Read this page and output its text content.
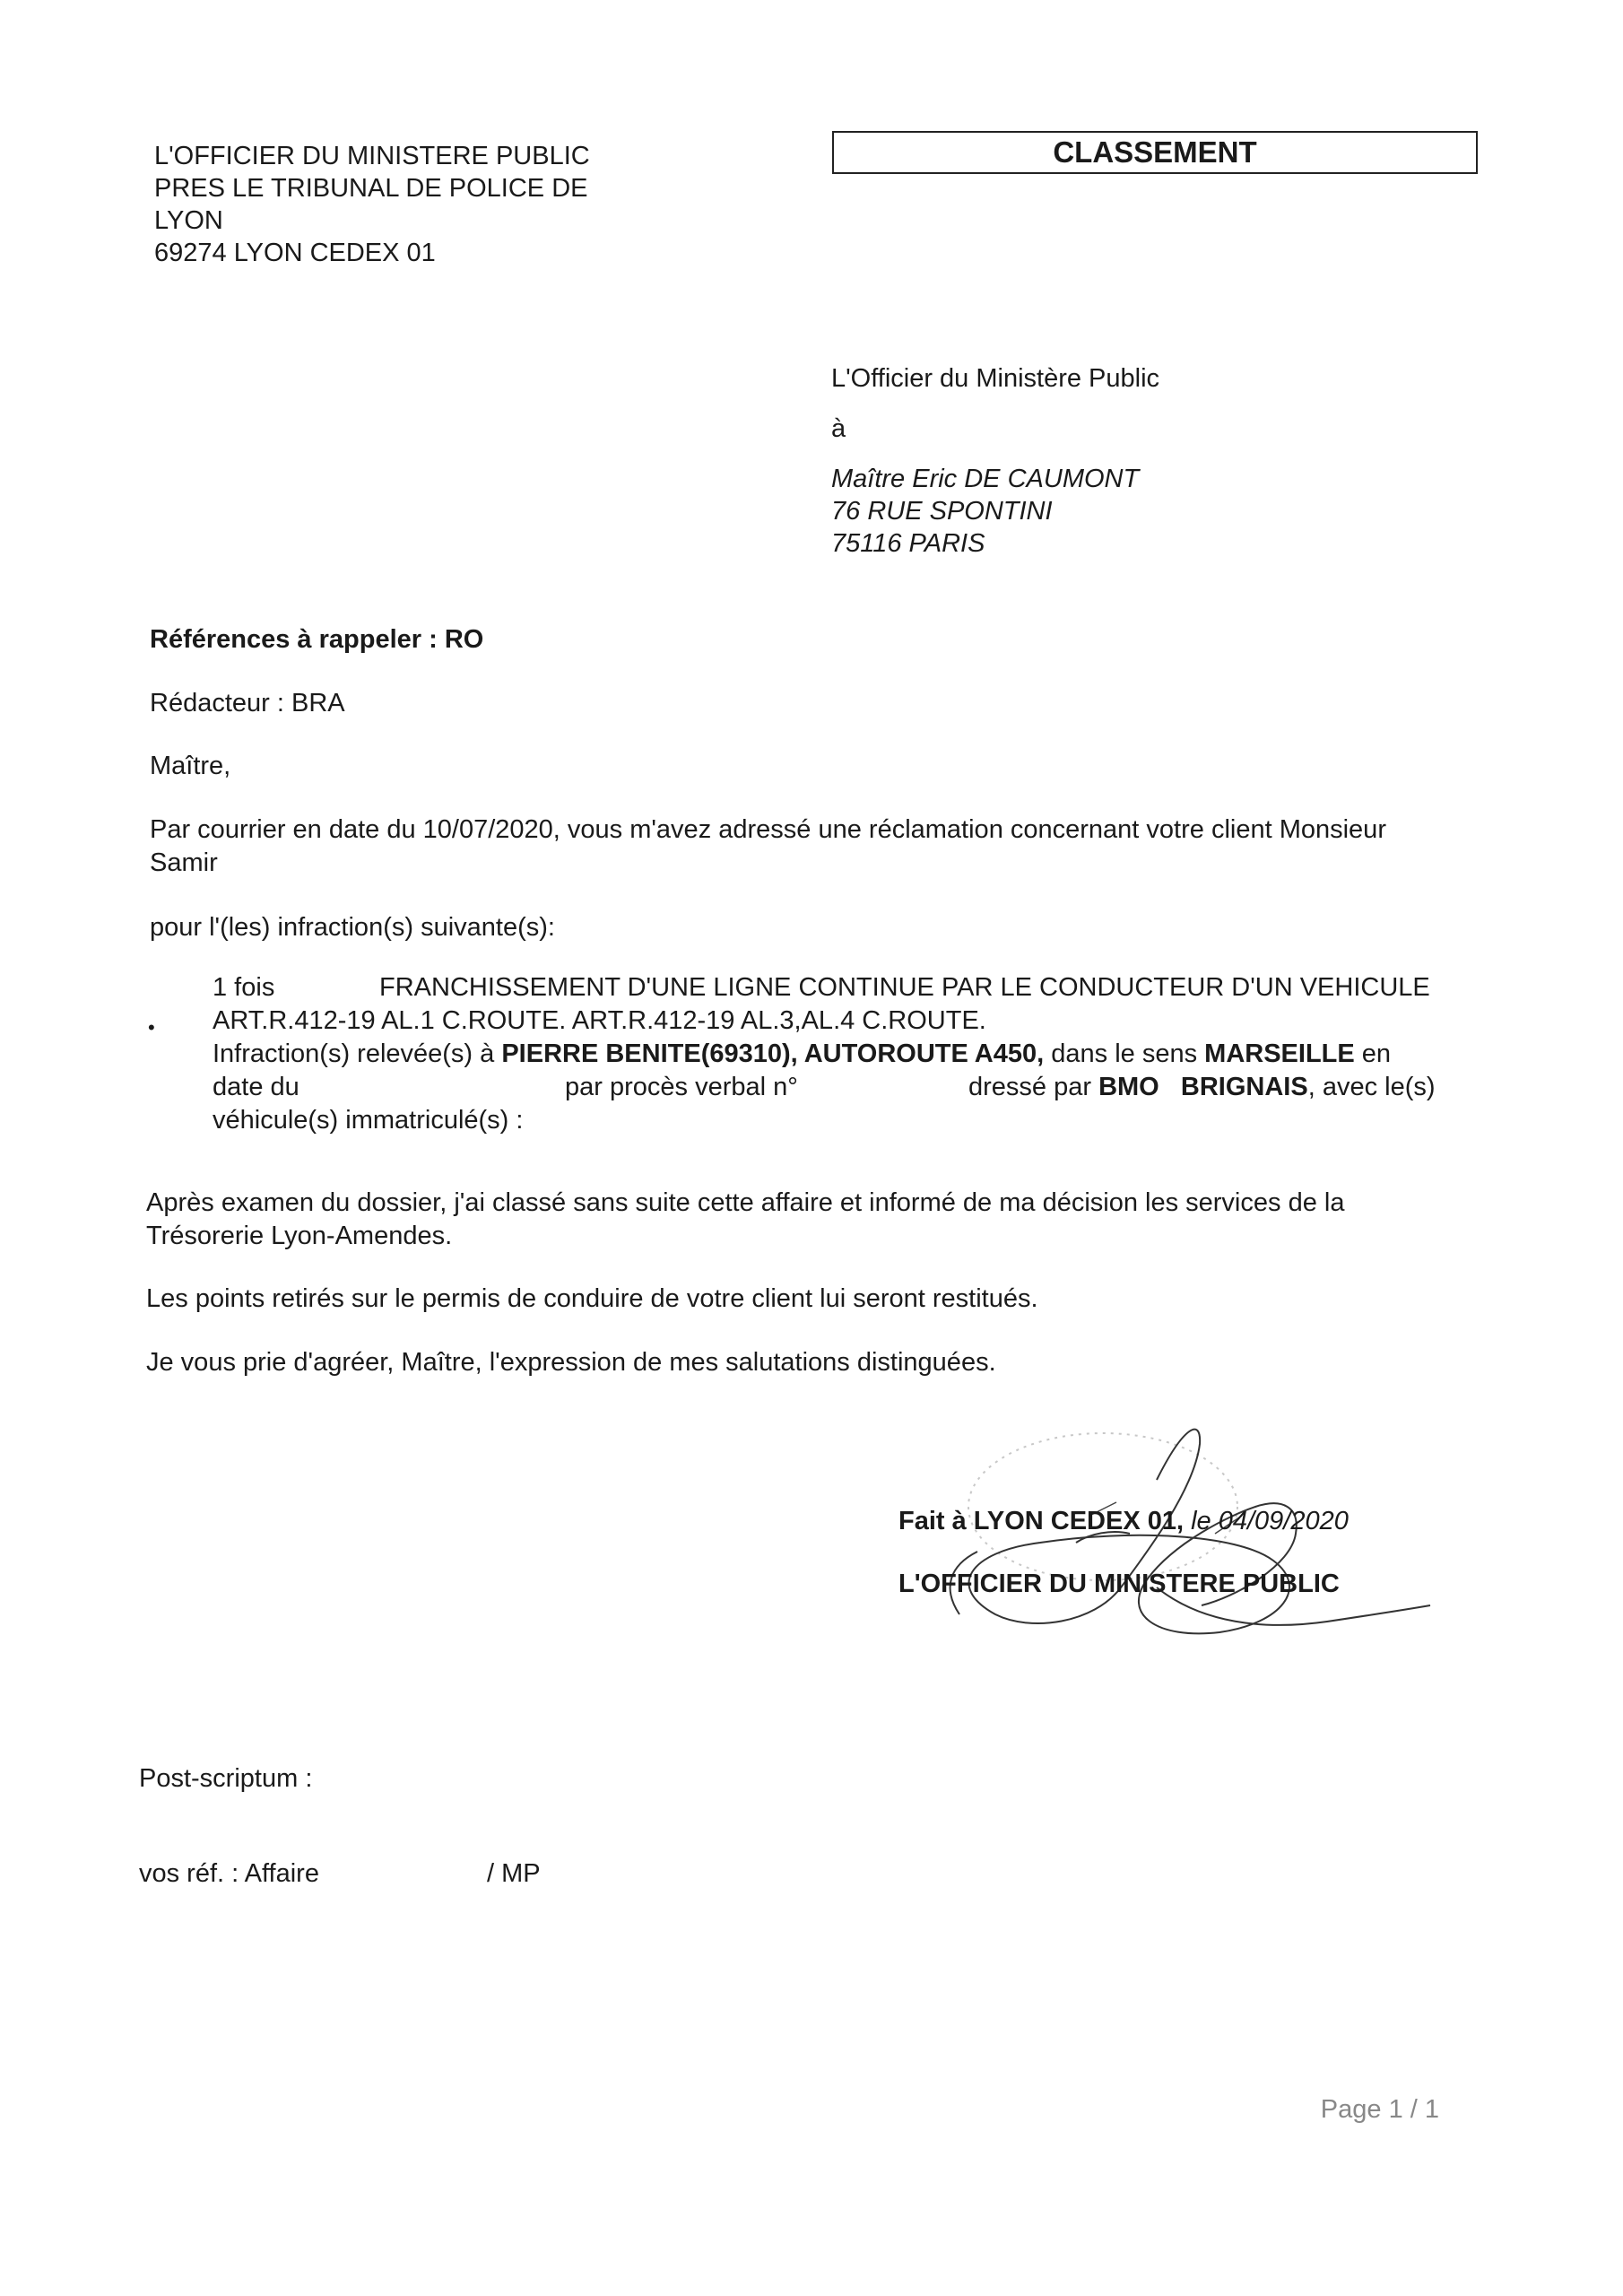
L'OFFICIER DU MINISTERE PUBLIC
PRES LE TRIBUNAL DE POLICE DE
LYON
69274 LYON CEDEX 01
CLASSEMENT
L'Officier du Ministère Public
à
Maître Eric DE CAUMONT
76 RUE SPONTINI
75116 PARIS
Références à rappeler : RO
Rédacteur : BRA
Maître,
Par courrier en date du 10/07/2020, vous m'avez adressé une réclamation concernant votre client Monsieur
Samir
pour l'(les) infraction(s) suivante(s):
•
1 fois	FRANCHISSEMENT D'UNE LIGNE CONTINUE PAR LE CONDUCTEUR D'UN VEHICULE
ART.R.412-19 AL.1 C.ROUTE. ART.R.412-19 AL.3,AL.4 C.ROUTE.
Infraction(s) relevée(s) à PIERRE BENITE(69310), AUTOROUTE A450, dans le sens MARSEILLE en
date du	par procès verbal n°	dressé par BMO   BRIGNAIS, avec le(s)
véhicule(s) immatriculé(s) :
Après examen du dossier, j'ai classé sans suite cette affaire et informé de ma décision les services de la
Trésorerie Lyon-Amendes.
Les points retirés sur le permis de conduire de votre client lui seront restitués.
Je vous prie d'agréer, Maître, l'expression de mes salutations distinguées.
Fait à LYON CEDEX 01, le 04/09/2020
L'OFFICIER DU MINISTERE PUBLIC
Post-scriptum :
vos réf. : Affaire	/ MP
Page 1 / 1
